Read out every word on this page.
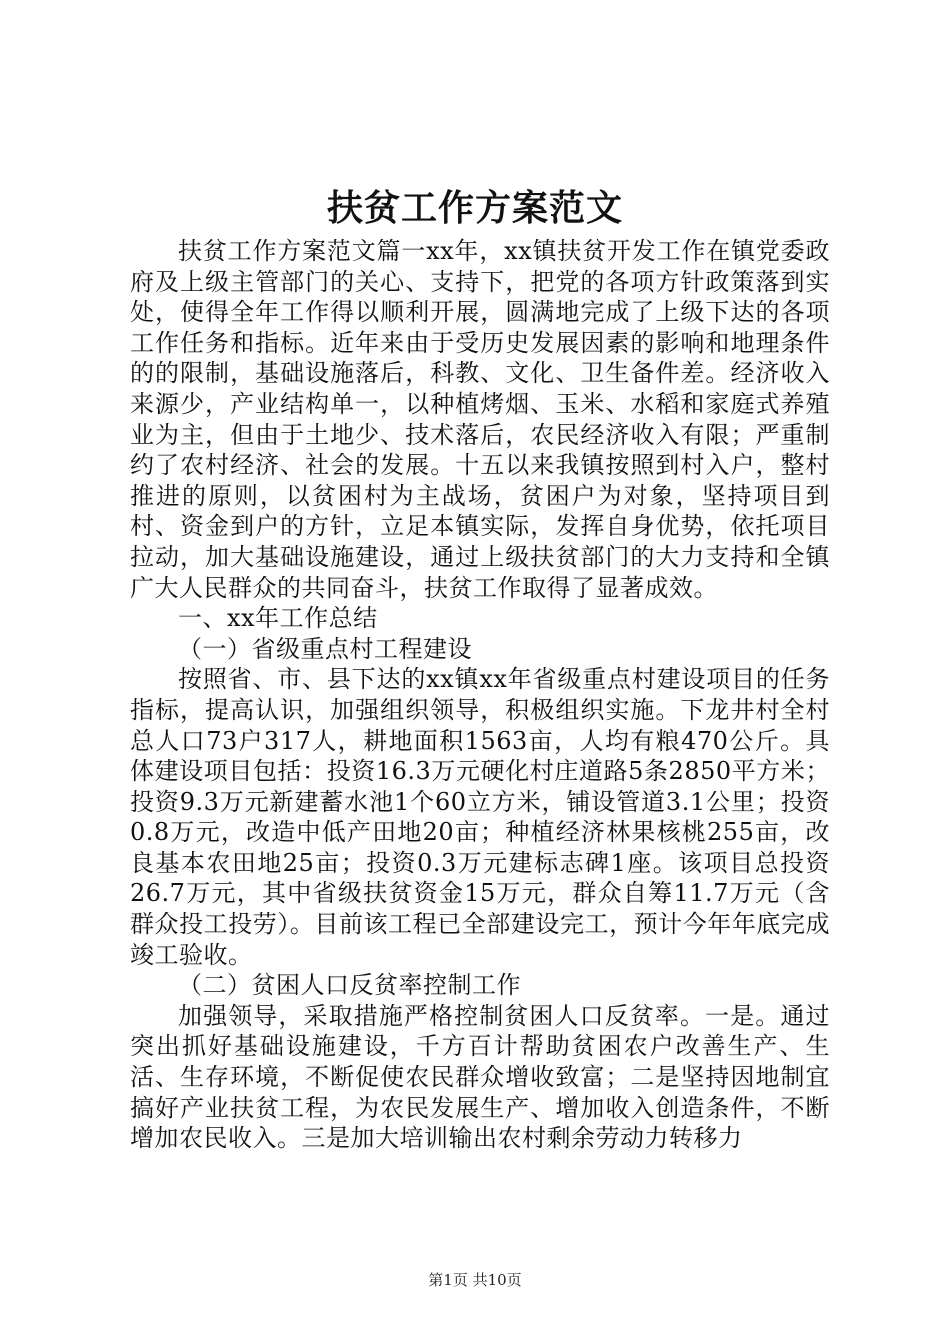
扶贫工作方案范文

扶贫工作方案范文篇一xx年，xx镇扶贫开发工作在镇党委政府及上级主管部门的关心、支持下，把党的各项方针政策落到实处，使得全年工作得以顺利开展，圆满地完成了上级下达的各项工作任务和指标。近年来由于受历史发展因素的影响和地理条件的的限制，基础设施落后，科教、文化、卫生备件差。经济收入来源少，产业结构单一，以种植烤烟、玉米、水稻和家庭式养殖业为主，但由于土地少、技术落后，农民经济收入有限；严重制约了农村经济、社会的发展。十五以来我镇按照到村入户，整村推进的原则，以贫困村为主战场，贫困户为对象，坚持项目到村、资金到户的方针，立足本镇实际，发挥自身优势，依托项目拉动，加大基础设施建设，通过上级扶贫部门的大力支持和全镇广大人民群众的共同奋斗，扶贫工作取得了显著成效。

一、xx年工作总结

（一）省级重点村工程建设

按照省、市、县下达的xx镇xx年省级重点村建设项目的任务指标，提高认识，加强组织领导，积极组织实施。下龙井村全村总人口73户317人，耕地面积1563亩，人均有粮470公斤。具体建设项目包括：投资16.3万元硬化村庄道路5条2850平方米；投资9.3万元新建蓄水池1个60立方米，铺设管道3.1公里；投资0.8万元，改造中低产田地20亩；种植经济林果核桃255亩，改良基本农田地25亩；投资0.3万元建标志碑1座。该项目总投资26.7万元，其中省级扶贫资金15万元，群众自筹11.7万元（含群众投工投劳）。目前该工程已全部建设完工，预计今年年底完成竣工验收。

（二）贫困人口反贫率控制工作

加强领导，采取措施严格控制贫困人口反贫率。一是。通过突出抓好基础设施建设，千方百计帮助贫困农户改善生产、生活、生存环境，不断促使农民群众增收致富；二是坚持因地制宜搞好产业扶贫工程，为农民发展生产、增加收入创造条件，不断增加农民收入。三是加大培训输出农村剩余劳动力转移力

第1页 共10页
